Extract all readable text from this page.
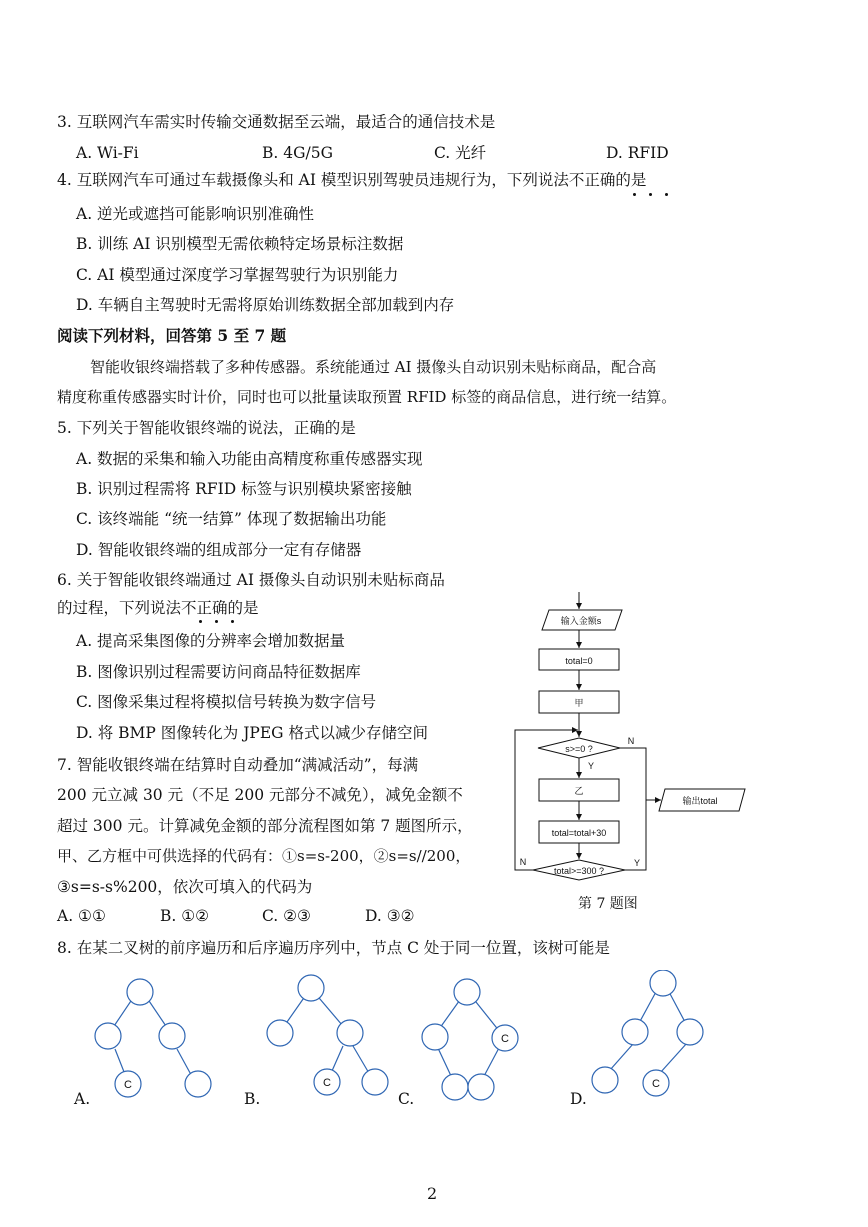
3. 互联网汽车需实时传输交通数据至云端，最适合的通信技术是
A. Wi-Fi	B. 4G/5G	C. 光纤	D. RFID
4. 互联网汽车可通过车载摄像头和 AI 模型识别驾驶员违规行为，下列说法不正确的是
A. 逆光或遮挡可能影响识别准确性
B. 训练 AI 识别模型无需依赖特定场景标注数据
C. AI 模型通过深度学习掌握驾驶行为识别能力
D. 车辆自主驾驶时无需将原始训练数据全部加载到内存
阅读下列材料，回答第 5 至 7 题
智能收银终端搭载了多种传感器。系统能通过 AI 摄像头自动识别未贴标商品，配合高
精度称重传感器实时计价，同时也可以批量读取预置 RFID 标签的商品信息，进行统一结算。
5. 下列关于智能收银终端的说法，正确的是
A. 数据的采集和输入功能由高精度称重传感器实现
B. 识别过程需将 RFID 标签与识别模块紧密接触
C. 该终端能 “统一结算” 体现了数据输出功能
D. 智能收银终端的组成部分一定有存储器
6. 关于智能收银终端通过 AI 摄像头自动识别未贴标商品
的过程，下列说法不正确的是
A. 提高采集图像的分辨率会增加数据量
B. 图像识别过程需要访问商品特征数据库
C. 图像采集过程将模拟信号转换为数字信号
D. 将 BMP 图像转化为 JPEG 格式以减少存储空间
7. 智能收银终端在结算时自动叠加“满减活动”，每满
200 元立减 30 元（不足 200 元部分不减免），减免金额不
超过 300 元。计算减免金额的部分流程图如第 7 题图所示，
甲、乙方框中可供选择的代码有：①s=s-200，②s=s//200，
③s=s-s%200，依次可填入的代码为
A. ①①	B. ①②	C. ②③	D. ③②
输入金额s
total=0
甲
s>=0 ?
乙
total=total+30
total>=300 ?
输出total
Y
N
N	Y
第 7 题图
8. 在某二叉树的前序遍历和后序遍历序列中，节点 C 处于同一位置，该树可能是
C	C
C
C
A.	B.	C.	D.
2
